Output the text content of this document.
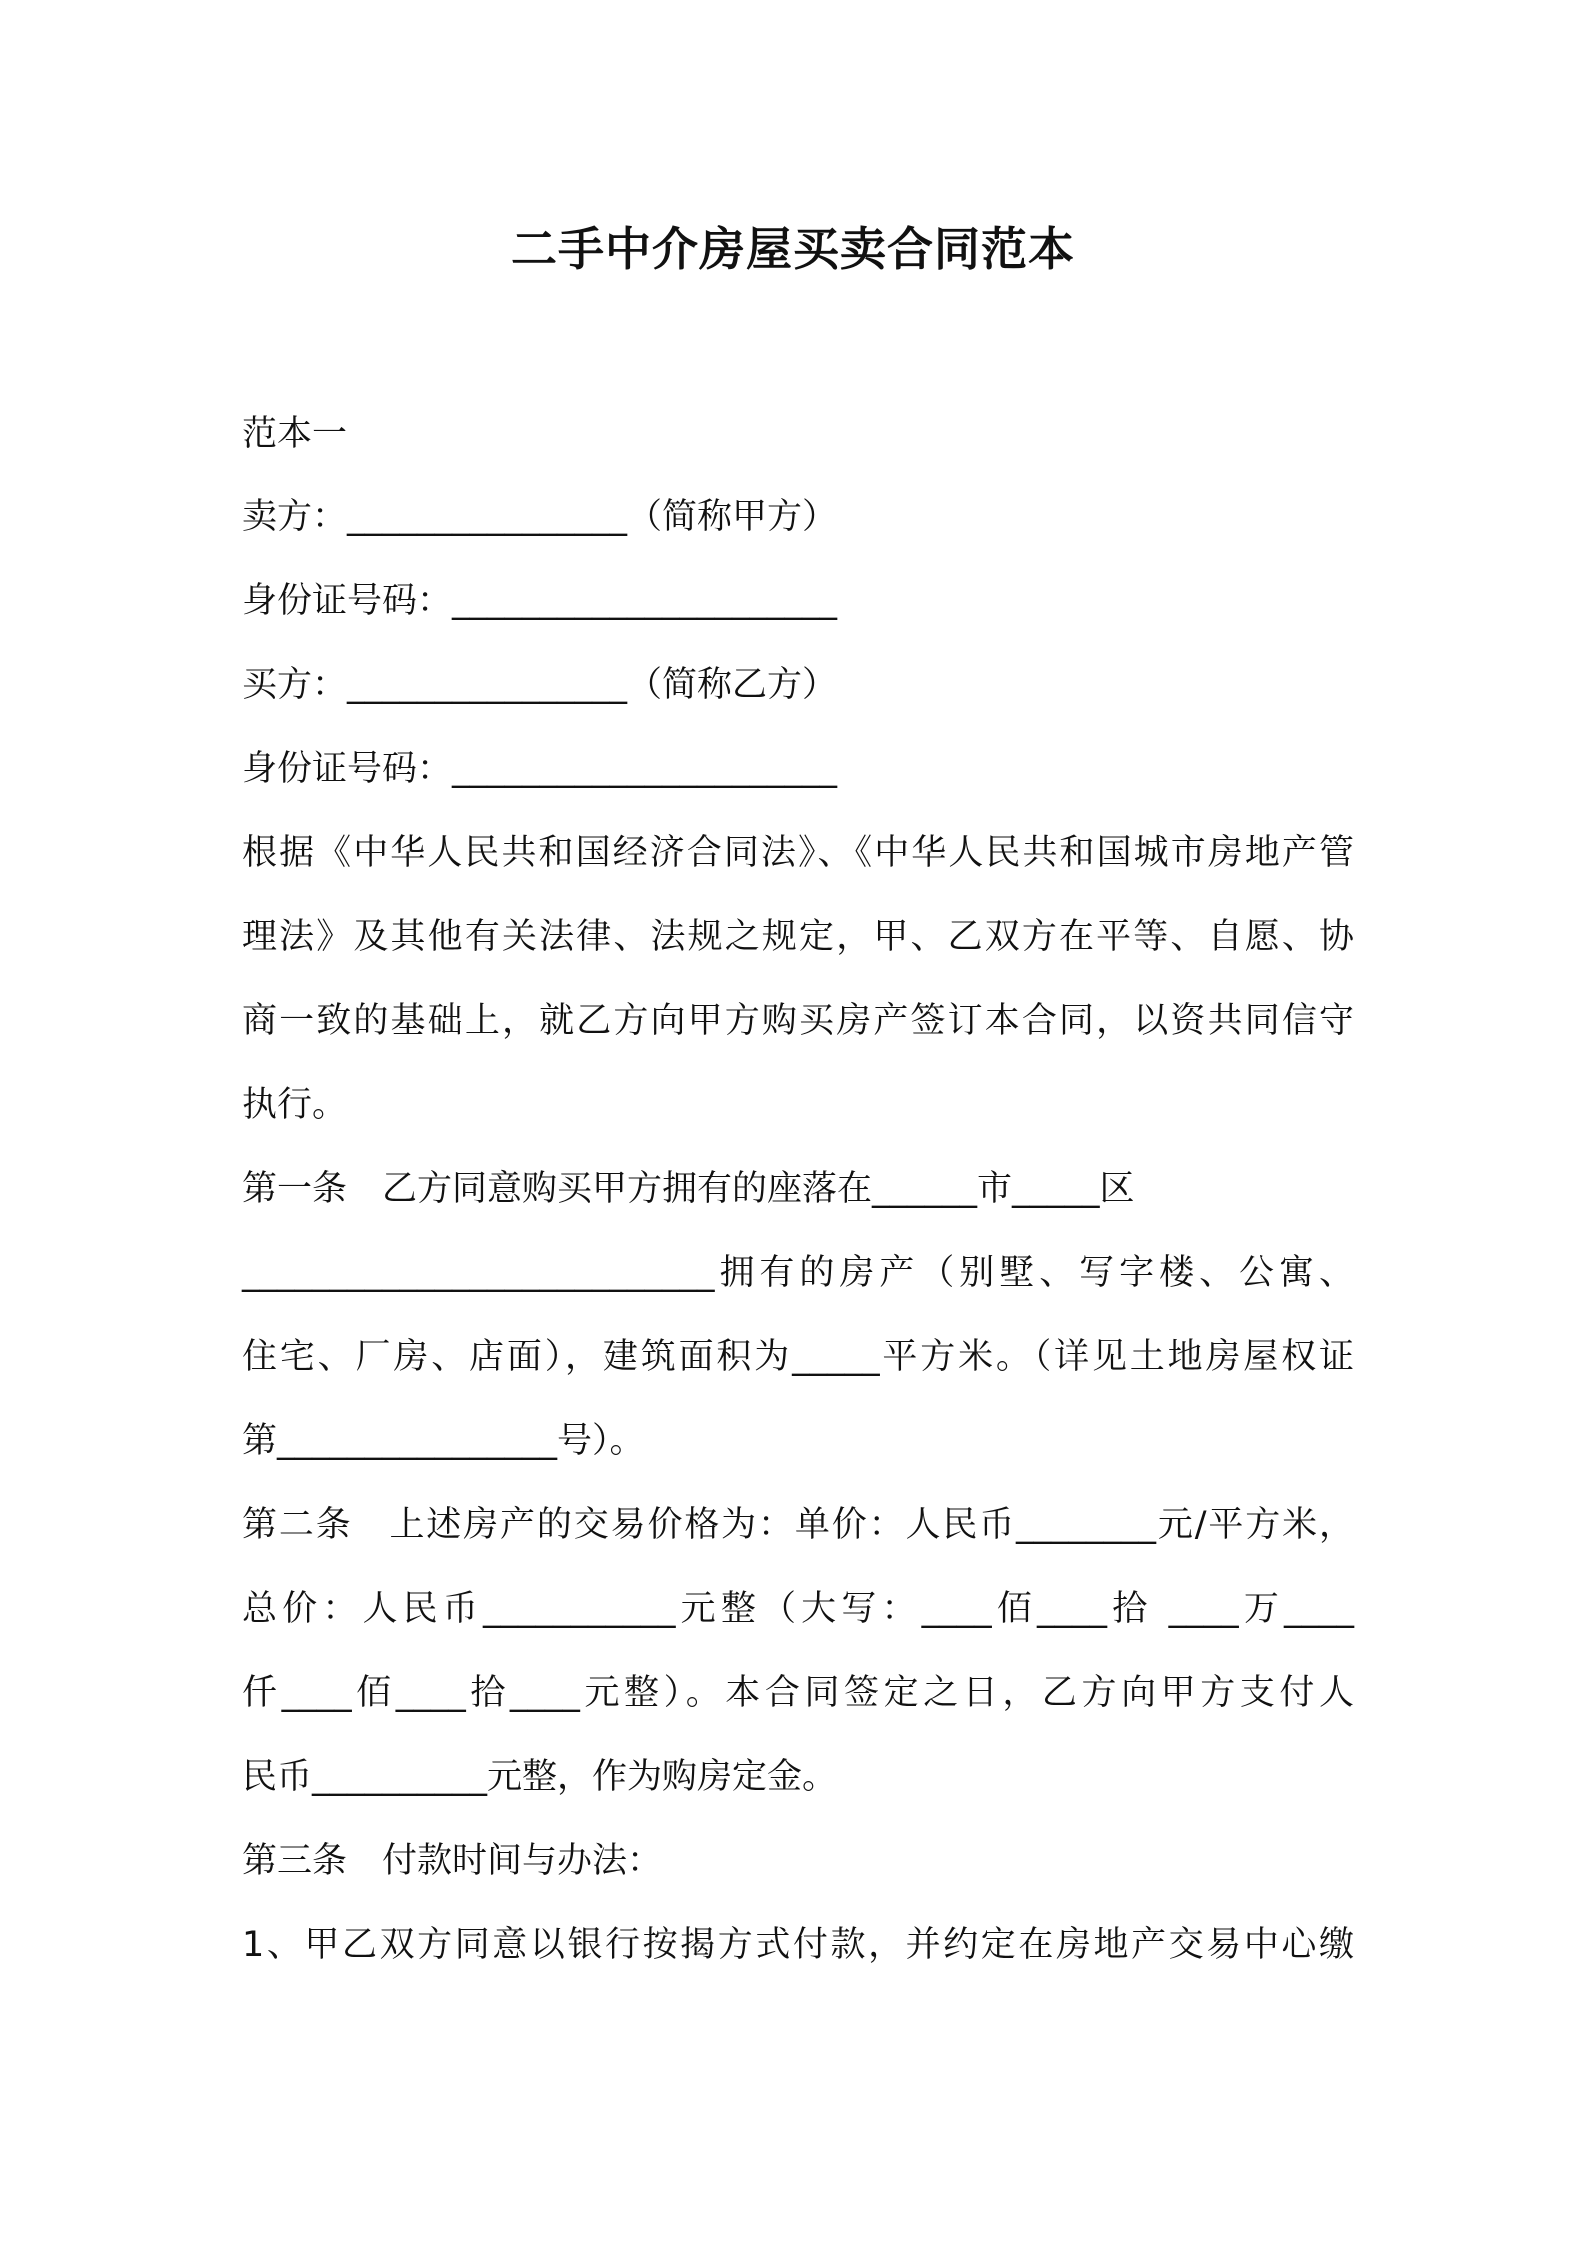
二手中介房屋买卖合同范本
范本一
卖方：________________（简称甲方）
身份证号码：______________________
买方：________________（简称乙方）
身份证号码：______________________
根据《中华人民共和国经济合同法》、《中华人民共和国城市房地产管
理法》及其他有关法律、法规之规定，甲、乙双方在平等、自愿、协
商一致的基础上，就乙方向甲方购买房产签订本合同，以资共同信守
执行。
第一条　乙方同意购买甲方拥有的座落在______市_____区
___________________________拥有的房产（别墅、写字楼、公寓、
住宅、厂房、店面），建筑面积为_____平方米。（详见土地房屋权证
第________________号）。
第二条　上述房产的交易价格为：单价：人民币________元/平方米，
总价：人民币___________元整（大写：____佰____拾 ____万____
仟____佰____拾____元整）。本合同签定之日，乙方向甲方支付人
民币__________元整，作为购房定金。
第三条　付款时间与办法：
1、甲乙双方同意以银行按揭方式付款，并约定在房地产交易中心缴
